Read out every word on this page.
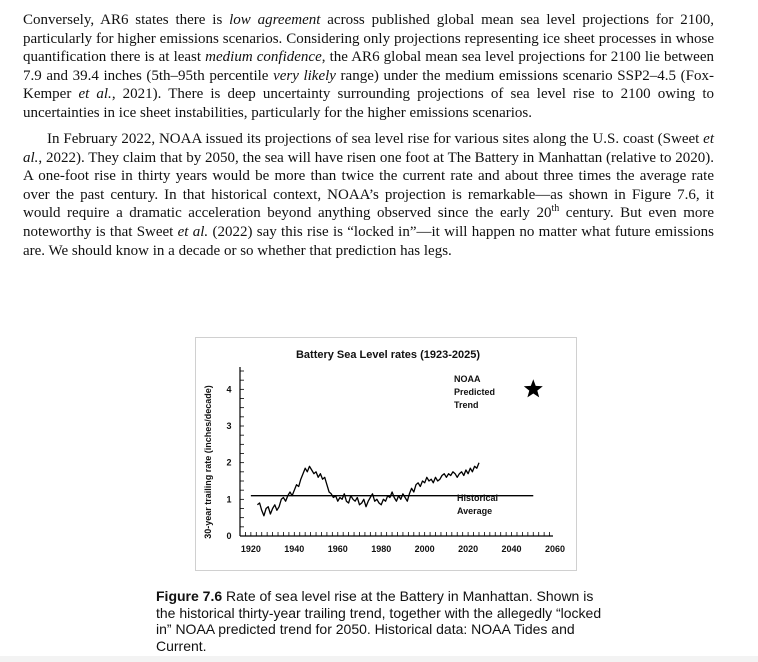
Conversely, AR6 states there is low agreement across published global mean sea level projections for 2100, particularly for higher emissions scenarios. Considering only projections representing ice sheet processes in whose quantification there is at least medium confidence, the AR6 global mean sea level projections for 2100 lie between 7.9 and 39.4 inches (5th–95th percentile very likely range) under the medium emissions scenario SSP2–4.5 (Fox-Kemper et al., 2021). There is deep uncertainty surrounding projections of sea level rise to 2100 owing to uncertainties in ice sheet instabilities, particularly for the higher emissions scenarios.

In February 2022, NOAA issued its projections of sea level rise for various sites along the U.S. coast (Sweet et al., 2022). They claim that by 2050, the sea will have risen one foot at The Battery in Manhattan (relative to 2020). A one-foot rise in thirty years would be more than twice the current rate and about three times the average rate over the past century. In that historical context, NOAA’s projection is remarkable—as shown in Figure 7.6, it would require a dramatic acceleration beyond anything observed since the early 20th century. But even more noteworthy is that Sweet et al. (2022) say this rise is “locked in”—it will happen no matter what future emissions are. We should know in a decade or so whether that prediction has legs.

Battery Sea Level rates (1923-2025)
30-year trailing rate (inches/decade) 0
1
2
3
4
1920	1940	1960	1980	2000	2020	2040	2060
NOAA
Predicted
Trend
Historical
Average

Figure 7.6 Rate of sea level rise at the Battery in Manhattan. Shown is the historical thirty-year trailing trend, together with the allegedly “locked in” NOAA predicted trend for 2050. Historical data: NOAA Tides and Current.
